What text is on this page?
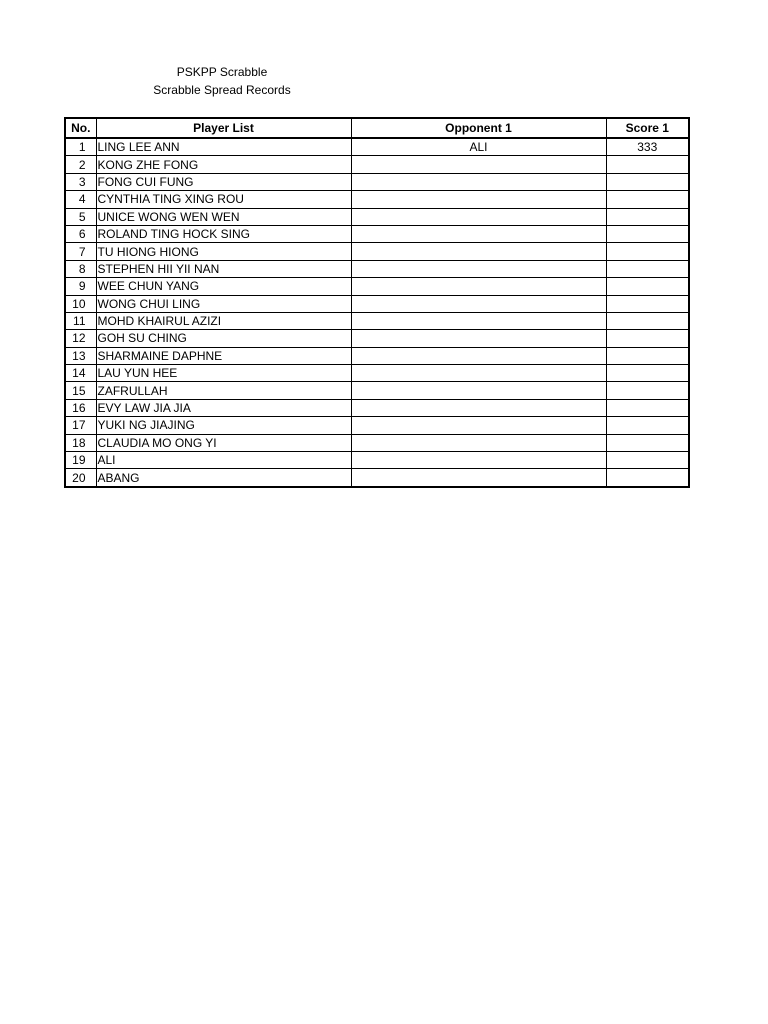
PSKPP Scrabble
Scrabble Spread Records
No.	Player List	Opponent 1	Score 1
1	LING LEE ANN	ALI	333
2	KONG ZHE FONG		
3	FONG CUI FUNG		
4	CYNTHIA TING XING ROU		
5	UNICE WONG WEN WEN		
6	ROLAND TING HOCK SING		
7	TU HIONG HIONG		
8	STEPHEN HII YII NAN		
9	WEE CHUN YANG		
10	WONG CHUI LING		
11	MOHD KHAIRUL AZIZI		
12	GOH SU CHING		
13	SHARMAINE DAPHNE		
14	LAU YUN HEE		
15	ZAFRULLAH		
16	EVY LAW JIA JIA		
17	YUKI NG JIAJING		
18	CLAUDIA MO ONG YI		
19	ALI		
20	ABANG		
